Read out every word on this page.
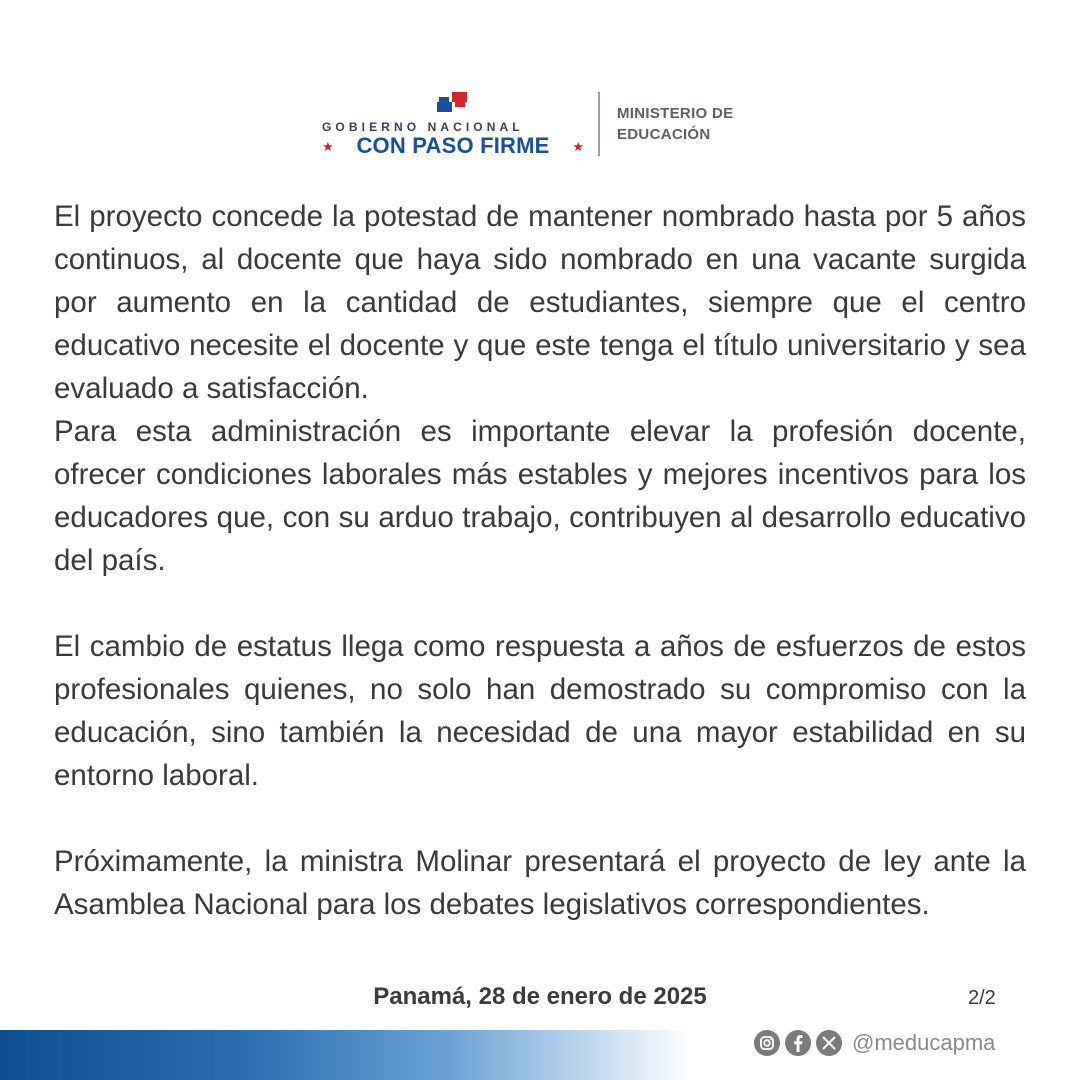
GOBIERNO NACIONAL
★ CON PASO FIRME ★
MINISTERIO DE
EDUCACIÓN

El proyecto concede la potestad de mantener nombrado hasta por 5 años continuos, al docente que haya sido nombrado en una vacante surgida por aumento en la cantidad de estudiantes, siempre que el centro educativo necesite el docente y que este tenga el título universitario y sea evaluado a satisfacción.

Para esta administración es importante elevar la profesión docente, ofrecer condiciones laborales más estables y mejores incentivos para los educadores que, con su arduo trabajo, contribuyen al desarrollo educativo del país.

El cambio de estatus llega como respuesta a años de esfuerzos de estos profesionales quienes, no solo han demostrado su compromiso con la educación, sino también la necesidad de una mayor estabilidad en su entorno laboral.

Próximamente, la ministra Molinar presentará el proyecto de ley ante la Asamblea Nacional para los debates legislativos correspondientes.

Panamá, 28 de enero de 2025	2/2
@meducapma
